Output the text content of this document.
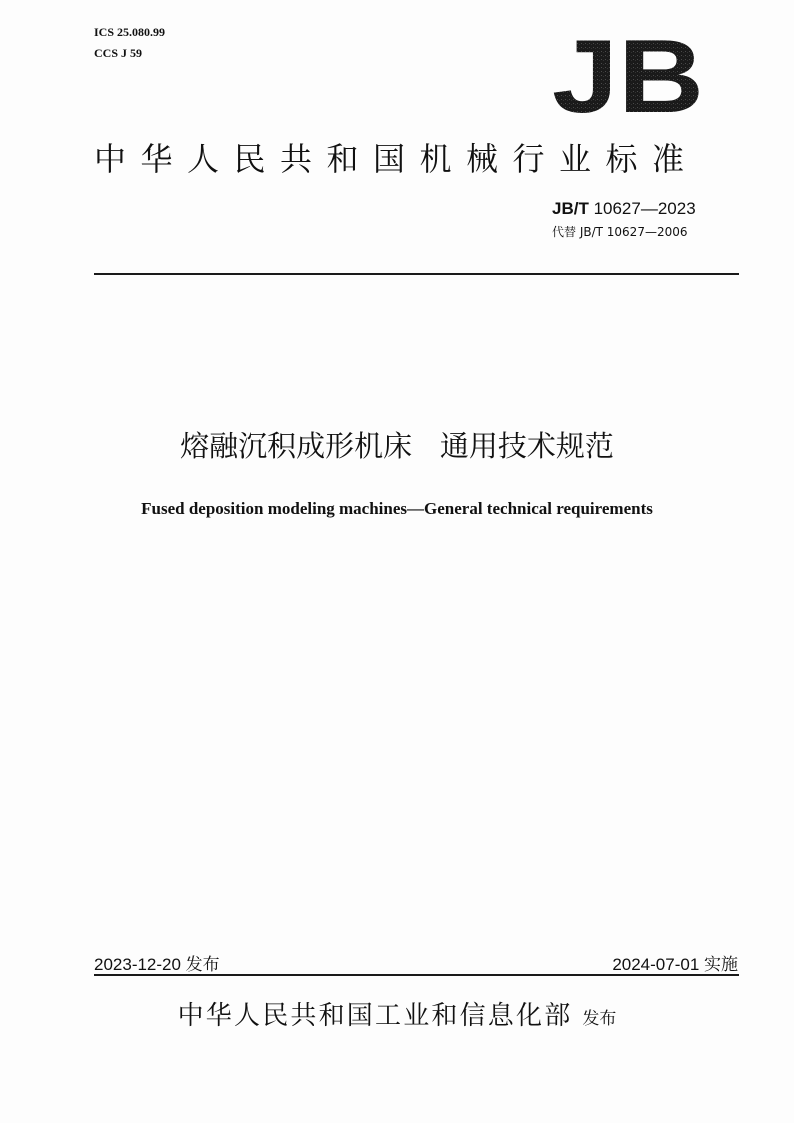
ICS 25.080.99
CCS J 59	JB
中华人民共和国机械行业标准
JB/T 10627—2023
代替 JB/T 10627—2006
熔融沉积成形机床   通用技术规范
Fused deposition modeling machines—General technical requirements
2023-12-20 发布	2024-07-01 实施
中华人民共和国工业和信息化部 发布
